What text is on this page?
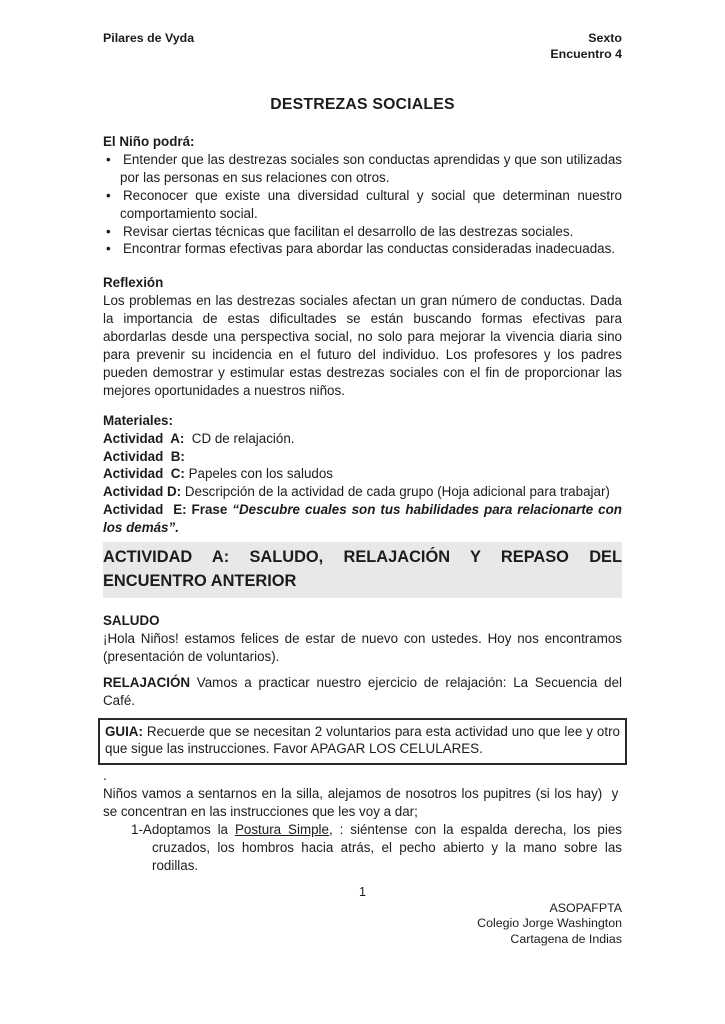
Pilares de Vyda	Sexto
Encuentro 4
DESTREZAS SOCIALES

El Niño podrá:

• Entender que las destrezas sociales son conductas aprendidas y que son utilizadas por las personas en sus relaciones con otros.
• Reconocer que existe una diversidad cultural y social que determinan nuestro comportamiento social.
• Revisar ciertas técnicas que facilitan el desarrollo de las destrezas sociales.
• Encontrar formas efectivas para abordar las conductas consideradas inadecuadas.

Reflexión

Los problemas en las destrezas sociales afectan un gran número de conductas. Dada la importancia de estas dificultades se están buscando formas efectivas para abordarlas desde una perspectiva social, no solo para mejorar la vivencia diaria sino para prevenir su incidencia en el futuro del individuo. Los profesores y los padres pueden demostrar y estimular estas destrezas sociales con el fin de proporcionar las mejores oportunidades a nuestros niños.

Materiales:

Actividad  A:  CD de relajación.

Actividad  B:

Actividad  C: Papeles con los saludos

Actividad D: Descripción de la actividad de cada grupo (Hoja adicional para trabajar)

Actividad  E: Frase “Descubre cuales son tus habilidades para relacionarte con los demás”.

ACTIVIDAD A: SALUDO, RELAJACIÓN Y REPASO DEL ENCUENTRO ANTERIOR

SALUDO

¡Hola Niños! estamos felices de estar de nuevo con ustedes. Hoy nos encontramos (presentación de voluntarios).

RELAJACIÓN Vamos a practicar nuestro ejercicio de relajación: La Secuencia del Café.

GUIA: Recuerde que se necesitan 2 voluntarios para esta actividad uno que lee y otro que sigue las instrucciones. Favor APAGAR LOS CELULARES.

.

Niños vamos a sentarnos en la silla, alejamos de nosotros los pupitres (si los hay)  y  se concentran en las instrucciones que les voy a dar;

1-Adoptamos la Postura Simple, : siéntense con la espalda derecha, los pies cruzados, los hombros hacia atrás, el pecho abierto y la mano sobre las rodillas.

1
ASOPAFPTA
Colegio Jorge Washington
Cartagena de Indias
